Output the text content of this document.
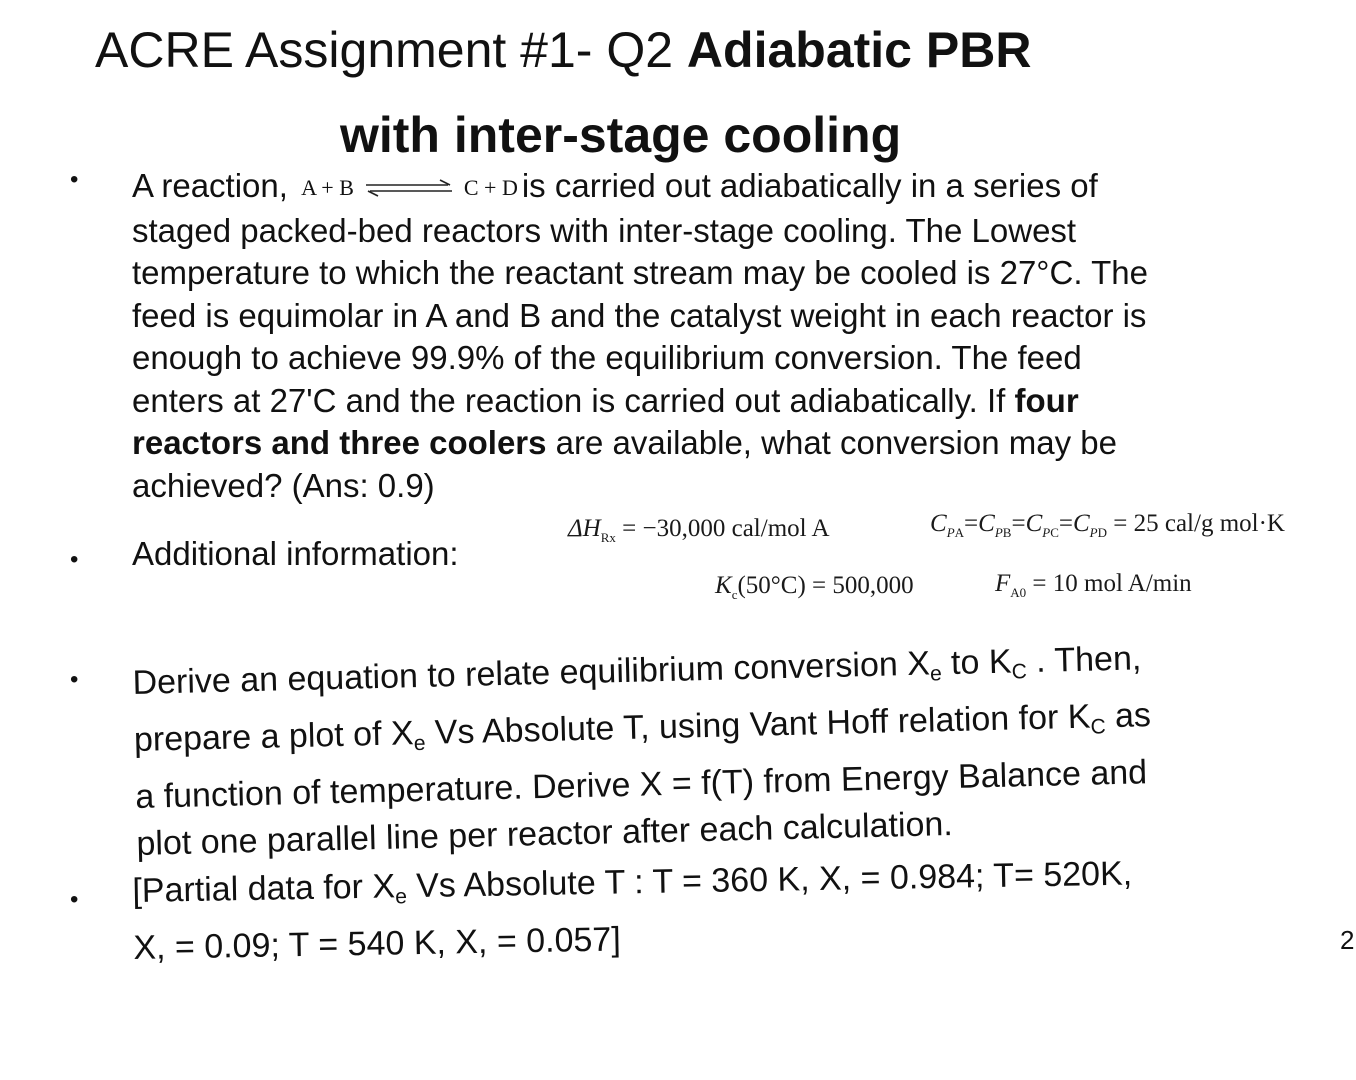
ACRE Assignment #1- Q2 Adiabatic PBR
with inter-stage cooling
• A reaction, A + B ⇌ C + D is carried out adiabatically in a series of
staged packed-bed reactors with inter-stage cooling. The Lowest
temperature to which the reactant stream may be cooled is 27°C. The
feed is equimolar in A and B and the catalyst weight in each reactor is
enough to achieve 99.9% of the equilibrium conversion. The feed
enters at 27'C and the reaction is carried out adiabatically. If four
reactors and three coolers are available, what conversion may be
achieved? (Ans: 0.9)
• Additional information:
$\Delta H_{Rx} = -30,000$ cal/mol A	$C_{PA}=C_{PB}=C_{PC}=C_{PD} = 25$ cal/g mol·K
$K_c(50^\circ C) = 500,000$	$F_{A0} = 10$ mol A/min
• Derive an equation to relate equilibrium conversion $X_e$ to $K_C$ . Then,
prepare a plot of $X_e$ Vs Absolute T, using Vant Hoff relation for $K_C$ as
a function of temperature. Derive X = f(T) from Energy Balance and
plot one parallel line per reactor after each calculation.
• [Partial data for $X_e$ Vs Absolute T : T = 360 K, X, = 0.984; T= 520K,
X, = 0.09; T = 540 K, X, = 0.057]	2
